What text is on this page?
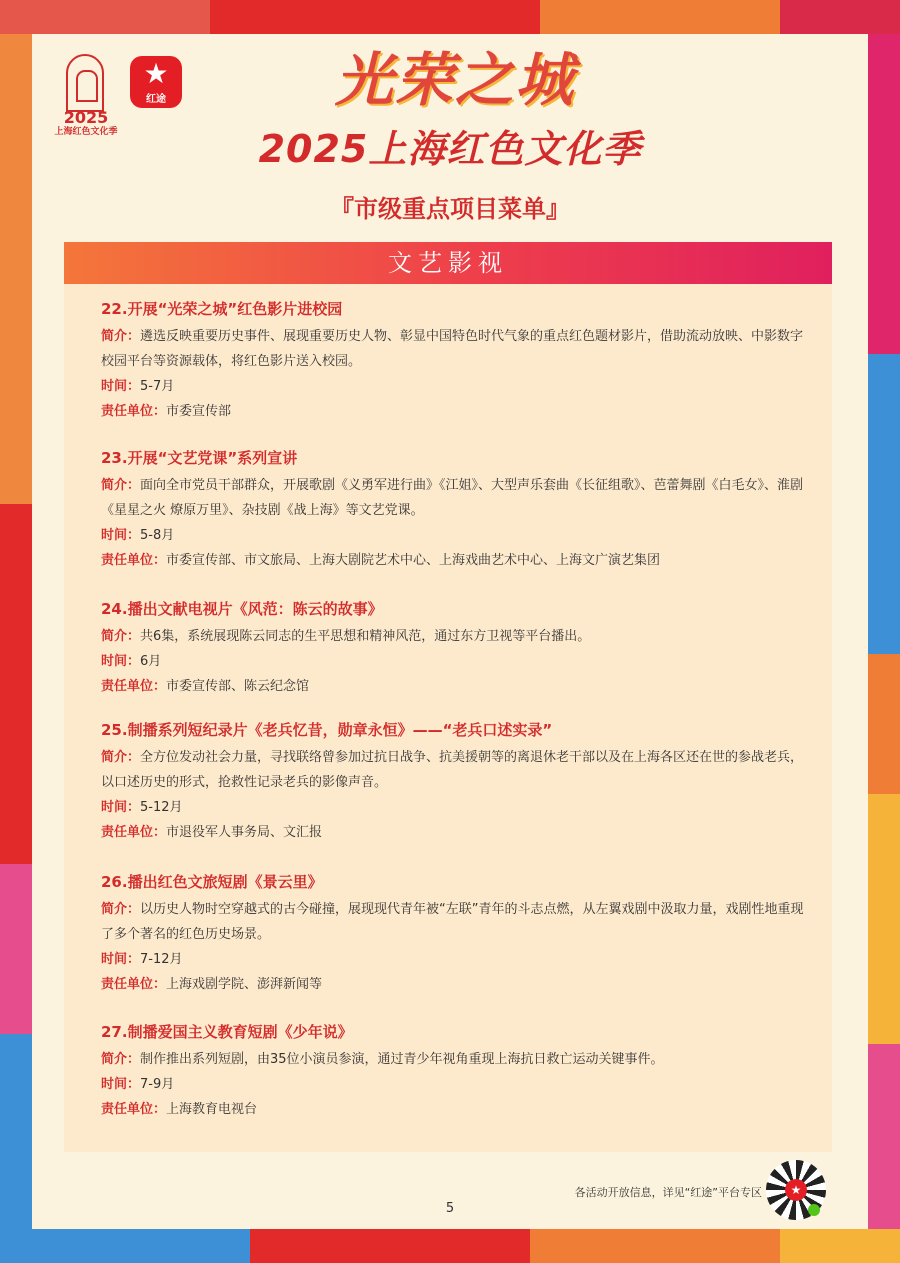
2025
上海红色文化季
★
红途	光荣之城
2025上海红色文化季
『市级重点项目菜单』
文艺影视
22.开展“光荣之城”红色影片进校园
简介：遴选反映重要历史事件、展现重要历史人物、彰显中国特色时代气象的重点红色题材影片，借助流动放映、中影数字校园平台等资源载体，将红色影片送入校园。
时间：5-7月
责任单位：市委宣传部
23.开展“文艺党课”系列宣讲
简介：面向全市党员干部群众，开展歌剧《义勇军进行曲》《江姐》、大型声乐套曲《长征组歌》、芭蕾舞剧《白毛女》、淮剧《星星之火 燎原万里》、杂技剧《战上海》等文艺党课。
时间：5-8月
责任单位：市委宣传部、市文旅局、上海大剧院艺术中心、上海戏曲艺术中心、上海文广演艺集团
24.播出文献电视片《风范：陈云的故事》
简介：共6集，系统展现陈云同志的生平思想和精神风范，通过东方卫视等平台播出。
时间：6月
责任单位：市委宣传部、陈云纪念馆
25.制播系列短纪录片《老兵忆昔，勋章永恒》——“老兵口述实录”
简介：全方位发动社会力量，寻找联络曾参加过抗日战争、抗美援朝等的离退休老干部以及在上海各区还在世的参战老兵，以口述历史的形式，抢救性记录老兵的影像声音。
时间：5-12月
责任单位：市退役军人事务局、文汇报
26.播出红色文旅短剧《景云里》
简介：以历史人物时空穿越式的古今碰撞，展现现代青年被“左联”青年的斗志点燃，从左翼戏剧中汲取力量，戏剧性地重现了多个著名的红色历史场景。
时间：7-12月
责任单位：上海戏剧学院、澎湃新闻等
27.制播爱国主义教育短剧《少年说》
简介：制作推出系列短剧，由35位小演员参演，通过青少年视角重现上海抗日救亡运动关键事件。
时间：7-9月
责任单位：上海教育电视台
各活动开放信息，详见“红途”平台专区
5
★
